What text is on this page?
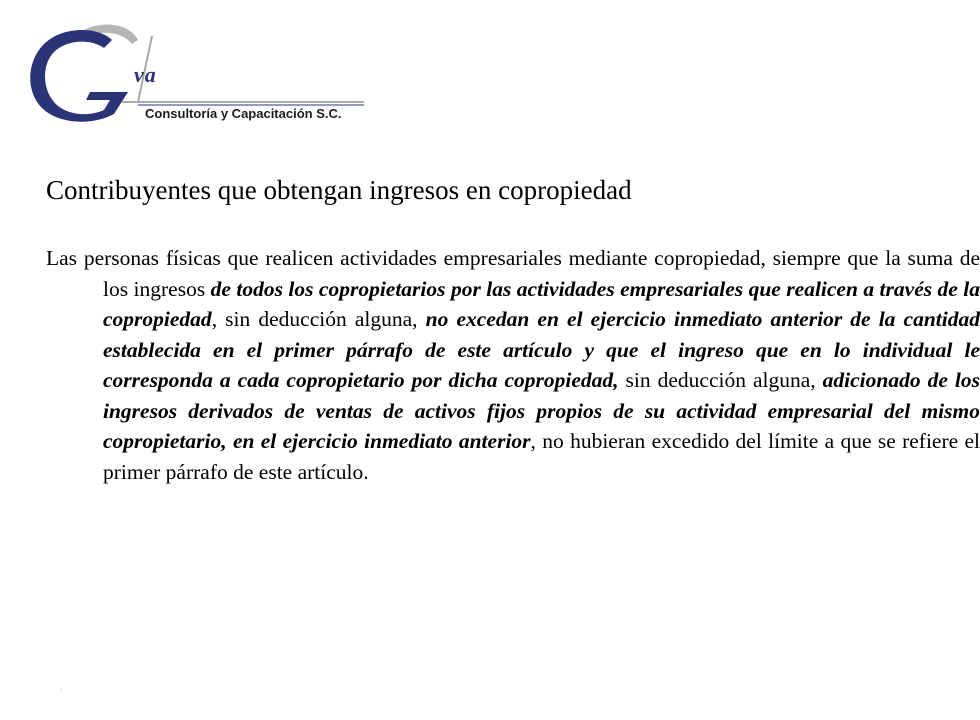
va
Consultoría y Capacitación S.C.
Contribuyentes que obtengan ingresos en copropiedad

Las personas físicas que realicen actividades empresariales mediante copropiedad, siempre que la suma de los ingresos de todos los copropietarios por las actividades empresariales que realicen a través de la copropiedad, sin deducción alguna, no excedan en el ejercicio inmediato anterior de la cantidad establecida en el primer párrafo de este artículo y que el ingreso que en lo individual le corresponda a cada copropietario por dicha copropiedad, sin deducción alguna, adicionado de los ingresos derivados de ventas de activos fijos propios de su actividad empresarial del mismo copropietario, en el ejercicio inmediato anterior, no hubieran excedido del límite a que se refiere el primer párrafo de este artículo.

.
